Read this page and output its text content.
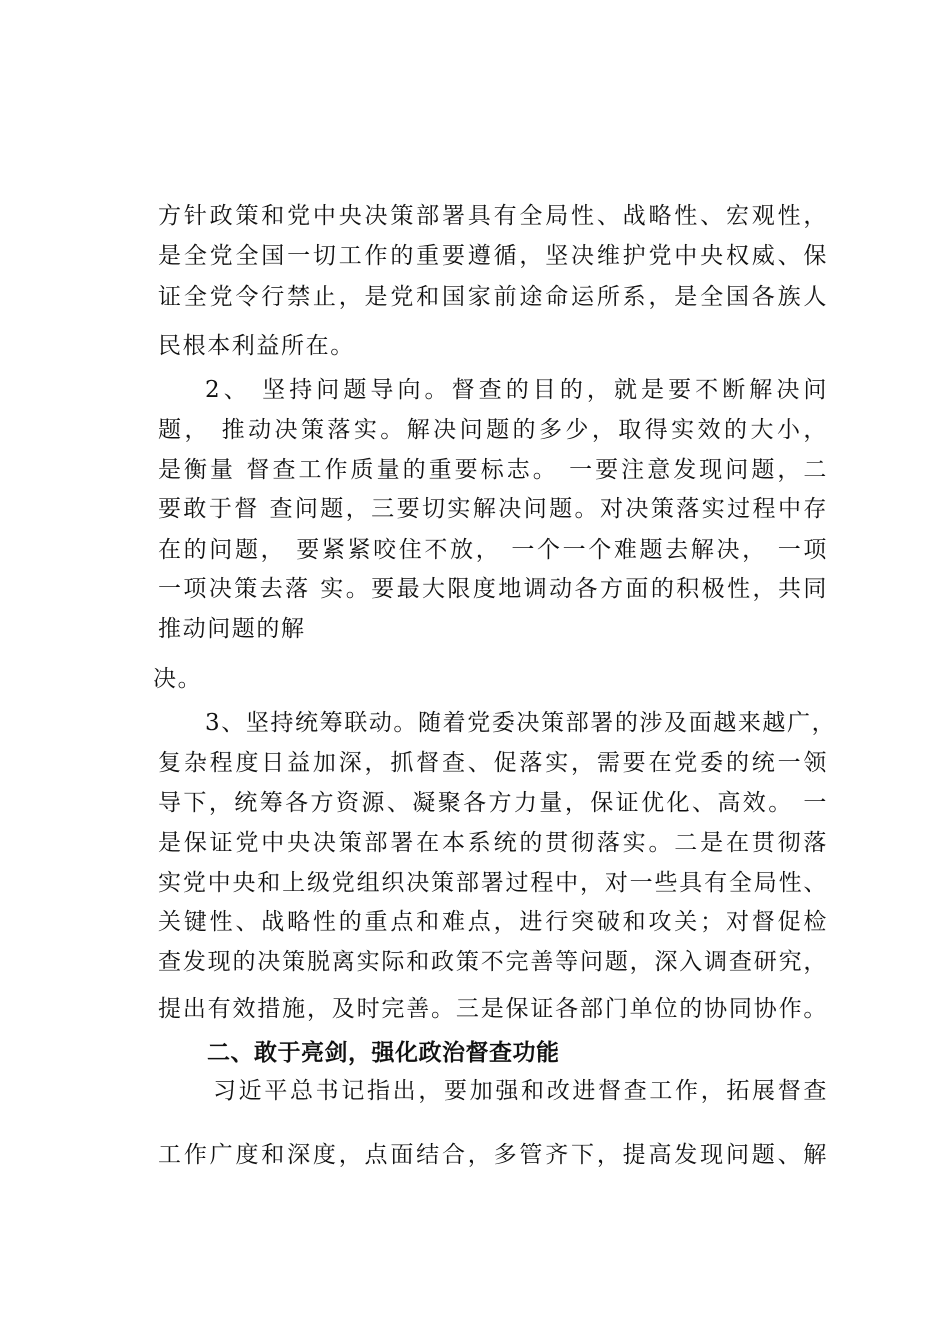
方针政策和党中央决策部署具有全局性、战略性、宏观性，
是全党全国一切工作的重要遵循，坚决维护党中央权威、保
证全党令行禁止，是党和国家前途命运所系，是全国各族人
民根本利益所在。
2、 坚持问题导向。督查的目的，就是要不断解决问
题， 推动决策落实。解决问题的多少，取得实效的大小，
是衡量 督查工作质量的重要标志。 一要注意发现问题，二
要敢于督 查问题，三要切实解决问题。对决策落实过程中存
在的问题， 要紧紧咬住不放， 一个一个难题去解决， 一项
一项决策去落 实。要最大限度地调动各方面的积极性，共同
推动问题的解
决。
3、坚持统筹联动。随着党委决策部署的涉及面越来越广，
复杂程度日益加深，抓督查、促落实，需要在党委的统一领
导下，统筹各方资源、凝聚各方力量，保证优化、高效。 一
是保证党中央决策部署在本系统的贯彻落实。二是在贯彻落
实党中央和上级党组织决策部署过程中，对一些具有全局性、
关键性、战略性的重点和难点，进行突破和攻关；对督促检
查发现的决策脱离实际和政策不完善等问题，深入调查研究，
提出有效措施，及时完善。三是保证各部门单位的协同协作。
二、敢于亮剑，强化政治督查功能
习近平总书记指出，要加强和改进督查工作，拓展督查
工作广度和深度，点面结合，多管齐下，提高发现问题、解
